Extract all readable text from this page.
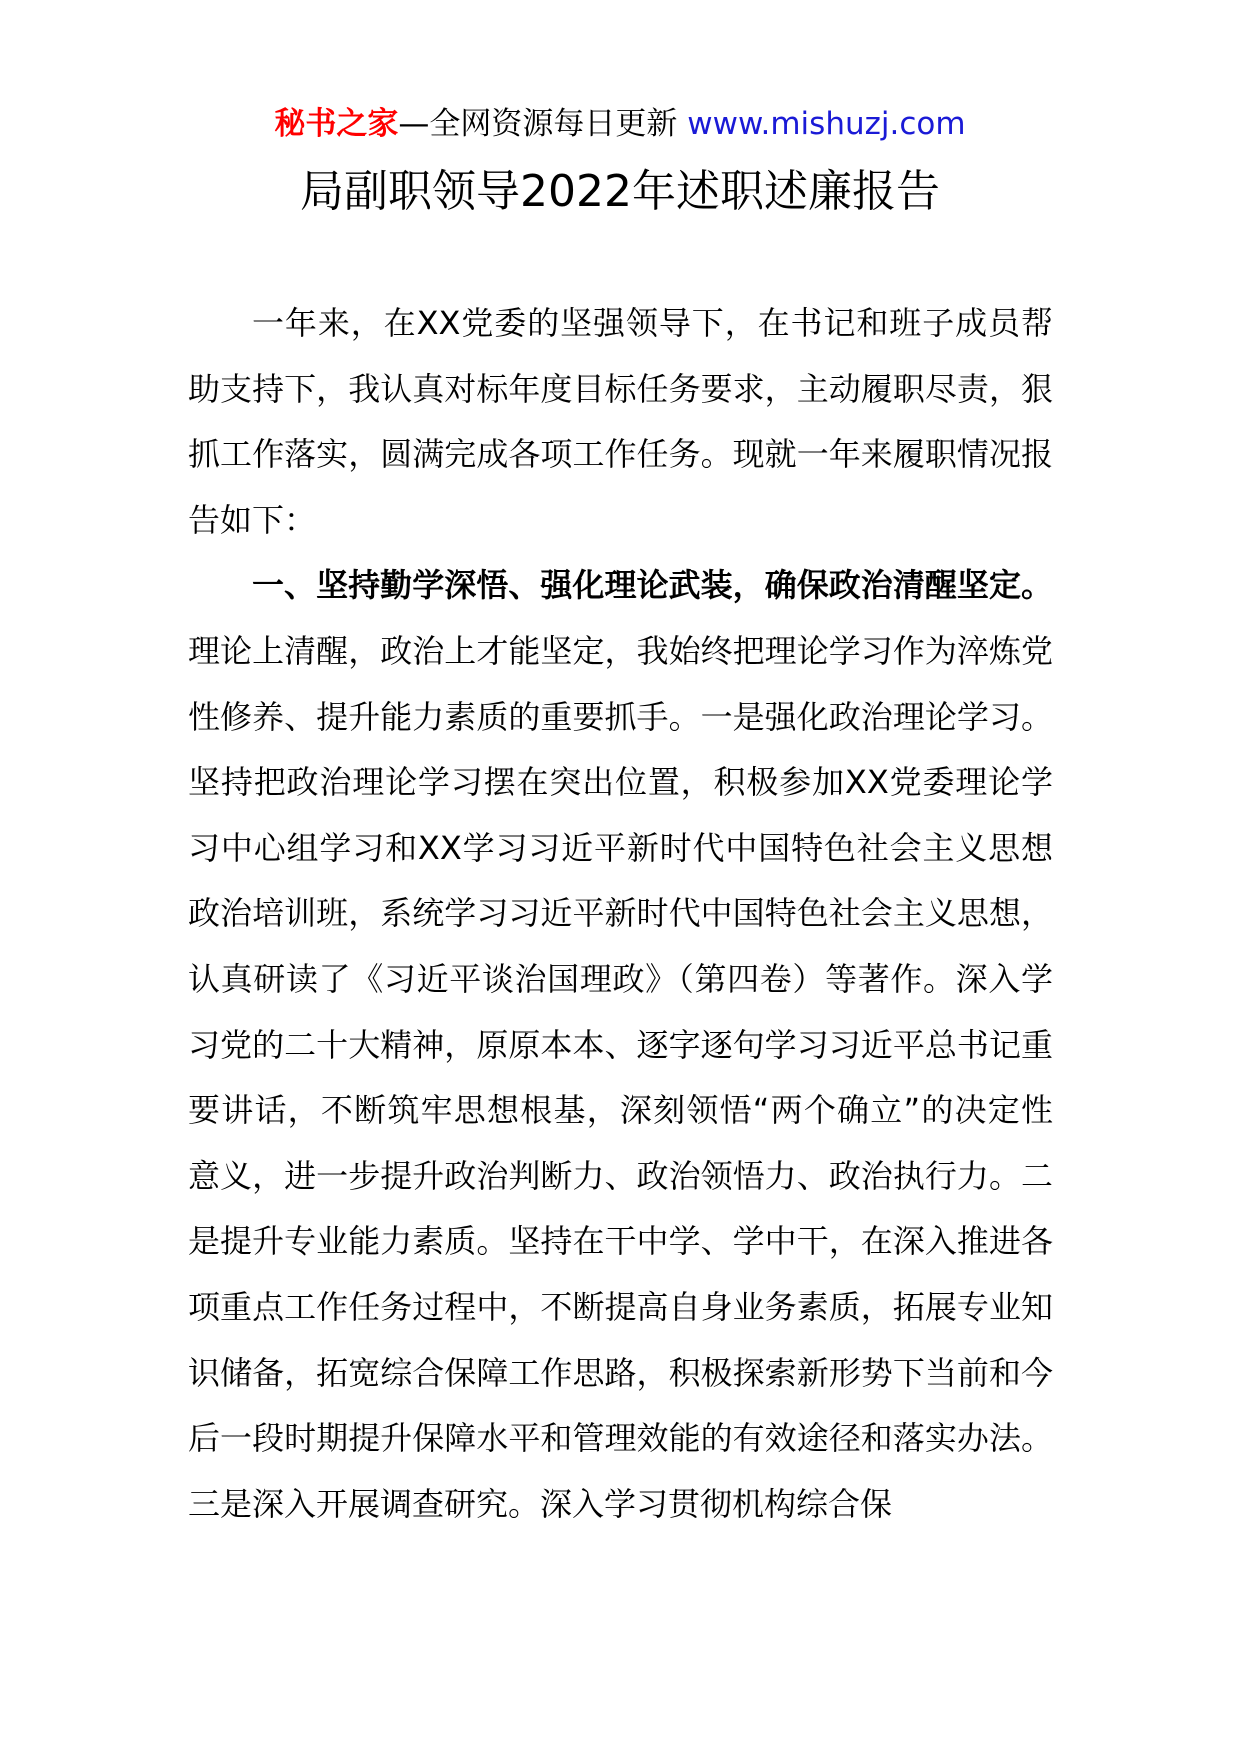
秘书之家—全网资源每日更新 www.mishuzj.com
局副职领导2022年述职述廉报告

一年来，在XX党委的坚强领导下，在书记和班子成员帮助支持下，我认真对标年度目标任务要求，主动履职尽责，狠抓工作落实，圆满完成各项工作任务。现就一年来履职情况报告如下：

一、坚持勤学深悟、强化理论武装，确保政治清醒坚定。理论上清醒，政治上才能坚定，我始终把理论学习作为淬炼党性修养、提升能力素质的重要抓手。一是强化政治理论学习。坚持把政治理论学习摆在突出位置，积极参加XX党委理论学习中心组学习和XX学习习近平新时代中国特色社会主义思想政治培训班，系统学习习近平新时代中国特色社会主义思想，认真研读了《习近平谈治国理政》（第四卷）等著作。深入学习党的二十大精神，原原本本、逐字逐句学习习近平总书记重要讲话，不断筑牢思想根基，深刻领悟“两个确立”的决定性意义，进一步提升政治判断力、政治领悟力、政治执行力。二是提升专业能力素质。坚持在干中学、学中干，在深入推进各项重点工作任务过程中，不断提高自身业务素质，拓展专业知识储备，拓宽综合保障工作思路，积极探索新形势下当前和今后一段时期提升保障水平和管理效能的有效途径和落实办法。三是深入开展调查研究。深入学习贯彻机构综合保
